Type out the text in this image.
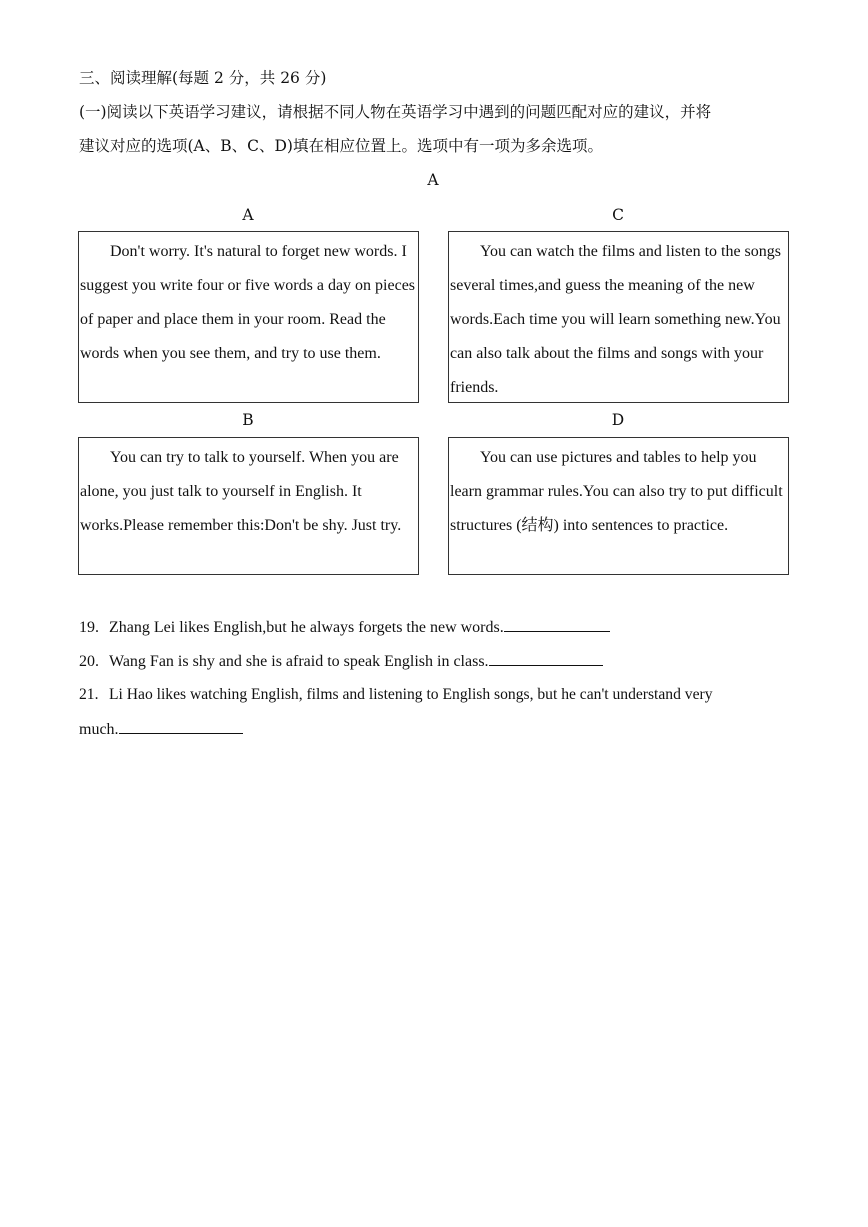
三、阅读理解(每题 2 分，共 26 分)
(一)阅读以下英语学习建议，请根据不同人物在英语学习中遇到的问题匹配对应的建议，并将
建议对应的选项(A、B、C、D)填在相应位置上。选项中有一项为多余选项。
A
A
Don't worry. It's natural to forget new words. I suggest you write four or five words a day on pieces of paper and place them in your room. Read the words when you see them, and try to use them.
C
You can watch the films and listen to the songs several times,and guess the meaning of the new words.Each time you will learn something new.You can also talk about the films and songs with your friends.
B
You can try to talk to yourself. When you are alone, you just talk to yourself in English. It works.Please remember this:Don't be shy. Just try.
D
You can use pictures and tables to help you learn grammar rules.You can also try to put difficult structures (结构) into sentences to practice.
19. Zhang Lei likes English,but he always forgets the new words.
20. Wang Fan is shy and she is afraid to speak English in class.
21. Li Hao likes watching English, films and listening to English songs, but he can't understand very
much.
